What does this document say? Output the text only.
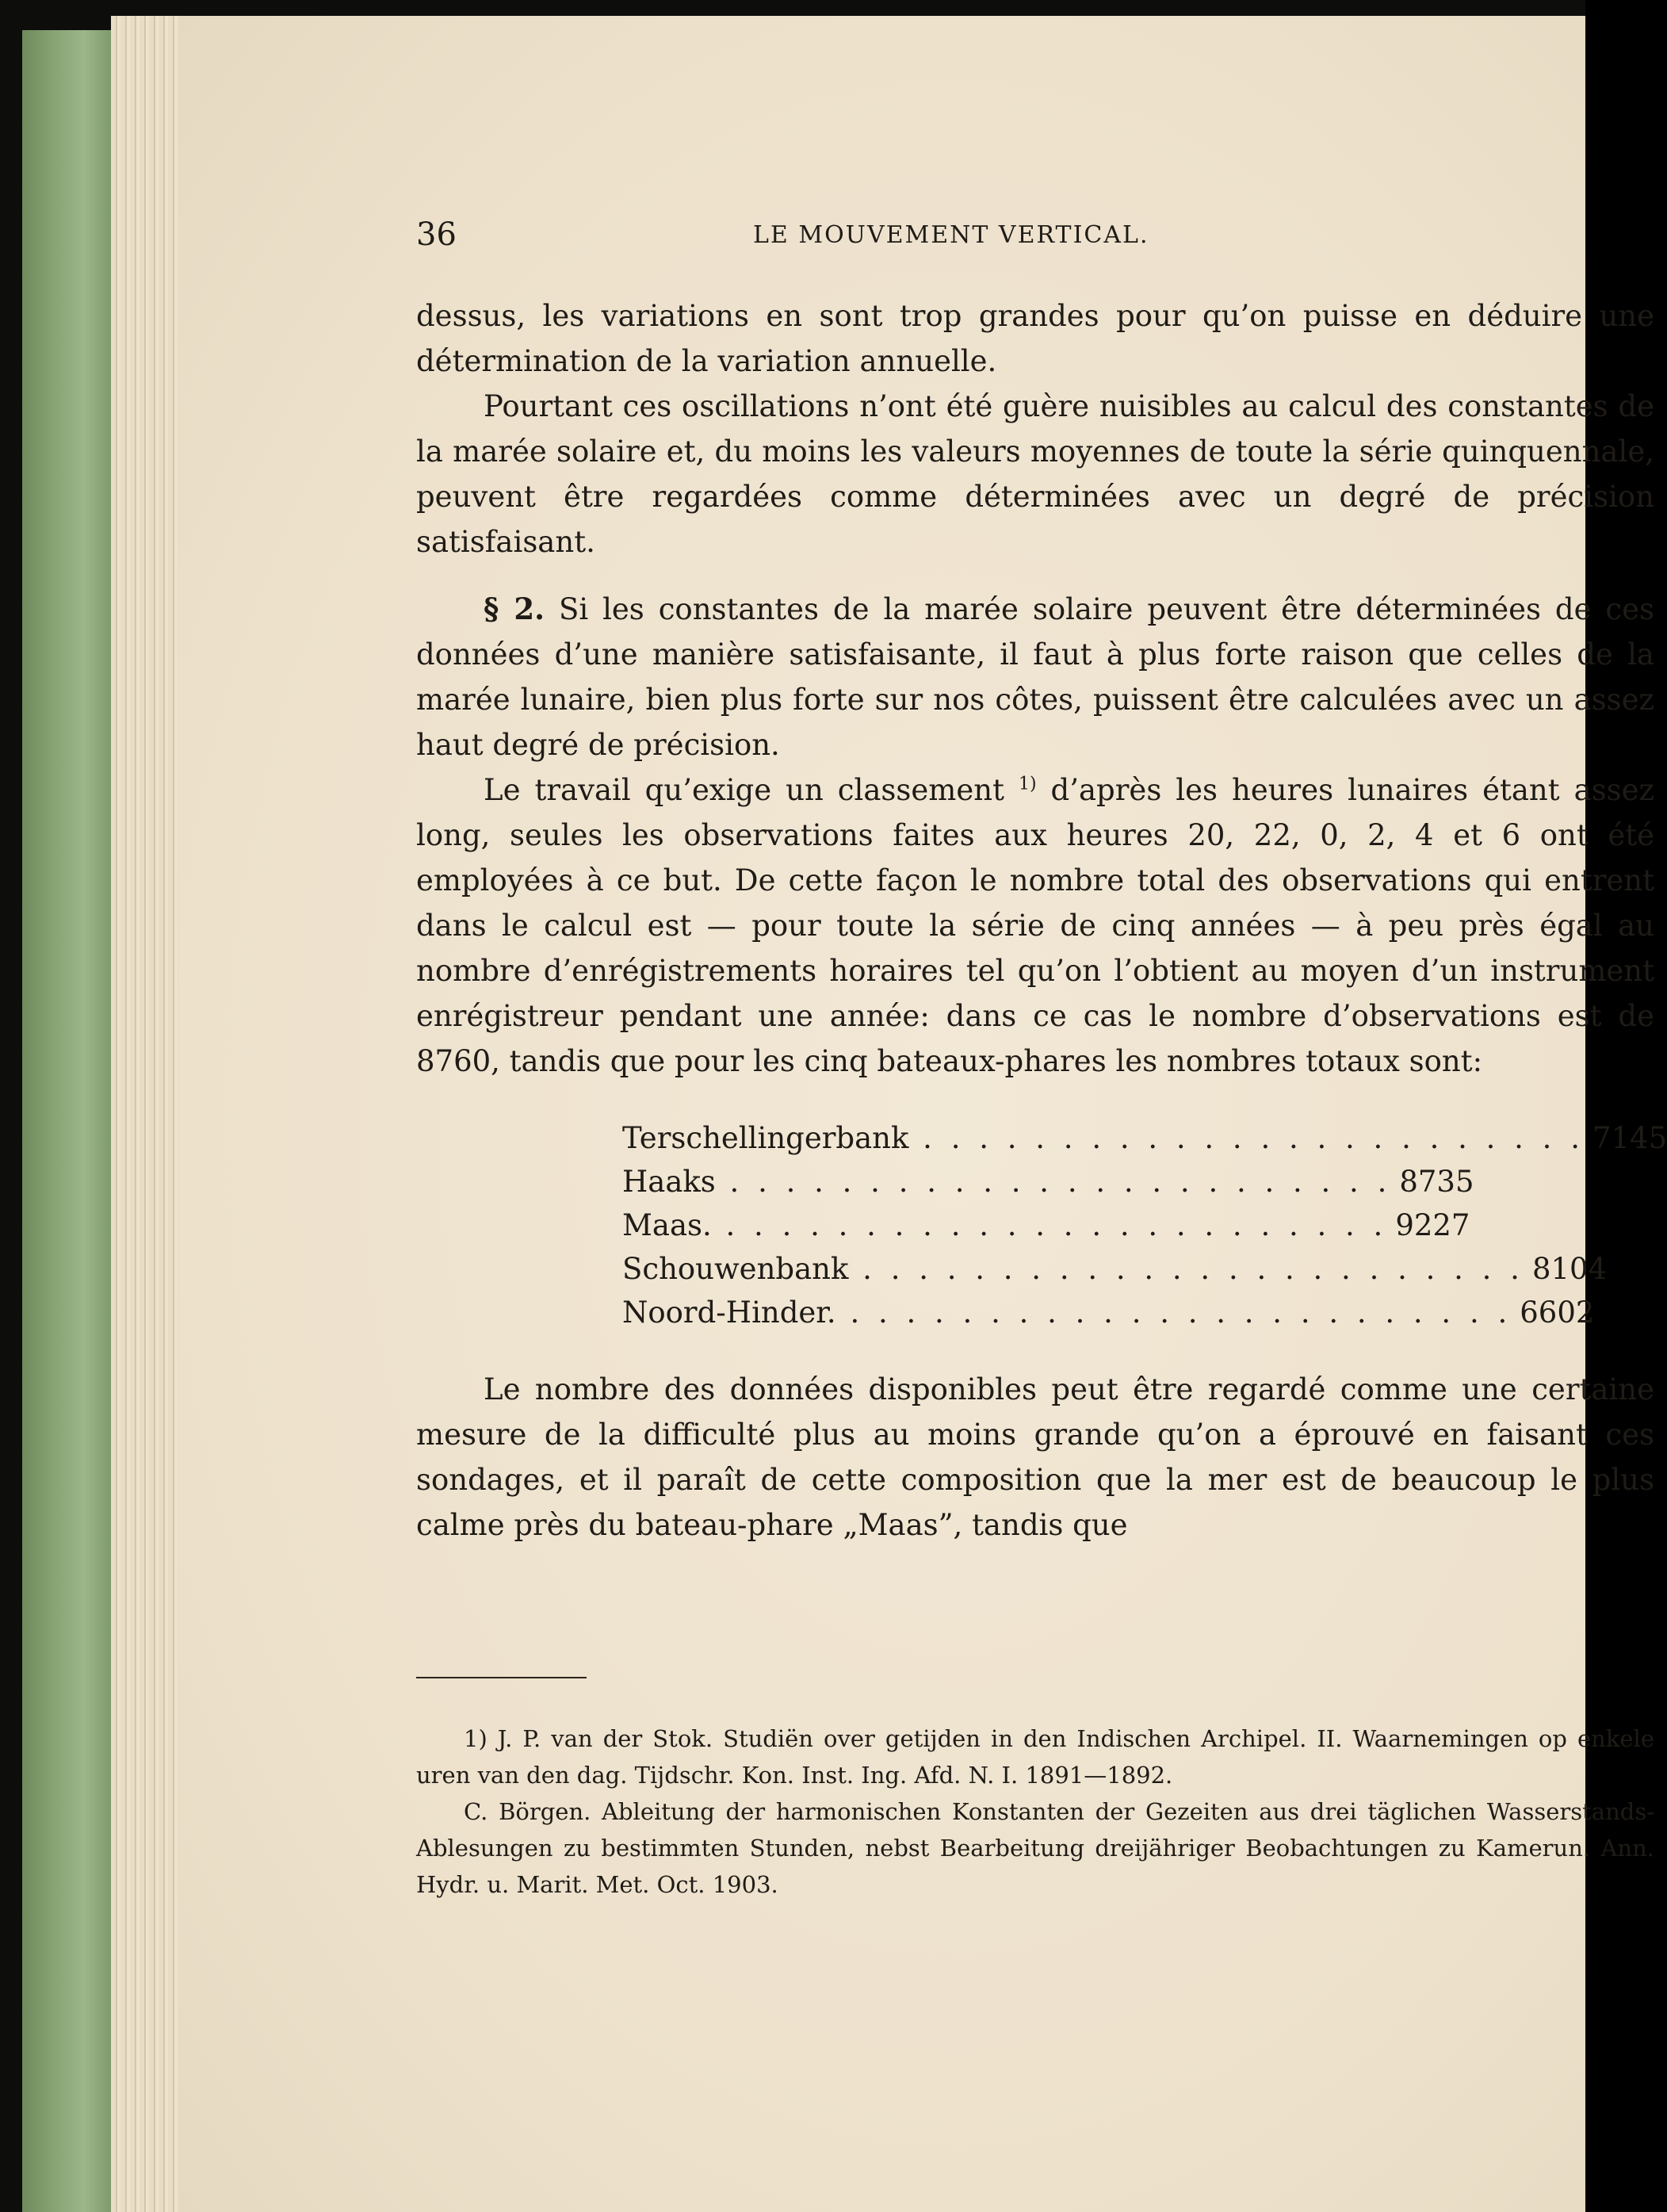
36	LE MOUVEMENT VERTICAL.

dessus, les variations en sont trop grandes pour qu’on puisse en déduire une détermination de la variation annuelle.

Pourtant ces oscillations n’ont été guère nuisibles au calcul des constantes de la marée solaire et, du moins les valeurs moyennes de toute la série quinquennale, peuvent être regardées comme déterminées avec un degré de précision satisfaisant.

§ 2. Si les constantes de la marée solaire peuvent être déterminées de ces données d’une manière satisfaisante, il faut à plus forte raison que celles de la marée lunaire, bien plus forte sur nos côtes, puissent être calculées avec un assez haut degré de précision.

Le travail qu’exige un classement $^{1)}$ d’après les heures lunaires étant assez long, seules les observations faites aux heures 20, 22, 0, 2, 4 et 6 ont été employées à ce but. De cette façon le nombre total des observations qui entrent dans le calcul est — pour toute la série de cinq années — à peu près égal au nombre d’enrégistrements horaires tel qu’on l’obtient au moyen d’un instrument enrégistreur pendant une année: dans ce cas le nombre d’observations est de 8760, tandis que pour les cinq bateaux-phares les nombres totaux sont:

Terschellingerbank . . .	7145
Haaks . . .	8735
Maas. . . .	9227
Schouwenbank . . .	8104
Noord-Hinder. . . .	6602

Le nombre des données disponibles peut être regardé comme une certaine mesure de la difficulté plus au moins grande qu’on a éprouvé en faisant ces sondages, et il paraît de cette composition que la mer est de beaucoup le plus calme près du bateau-phare „Maas”, tandis que

1) J. P. van der Stok. Studiën over getijden in den Indischen Archipel. II. Waarnemingen op enkele uren van den dag. Tijdschr. Kon. Inst. Ing. Afd. N. I. 1891—1892.

C. Börgen. Ableitung der harmonischen Konstanten der Gezeiten aus drei täglichen Wasserstands-Ablesungen zu bestimmten Stunden, nebst Bearbeitung dreijähriger Beobachtungen zu Kamerun. Ann. Hydr. u. Marit. Met. Oct. 1903.
